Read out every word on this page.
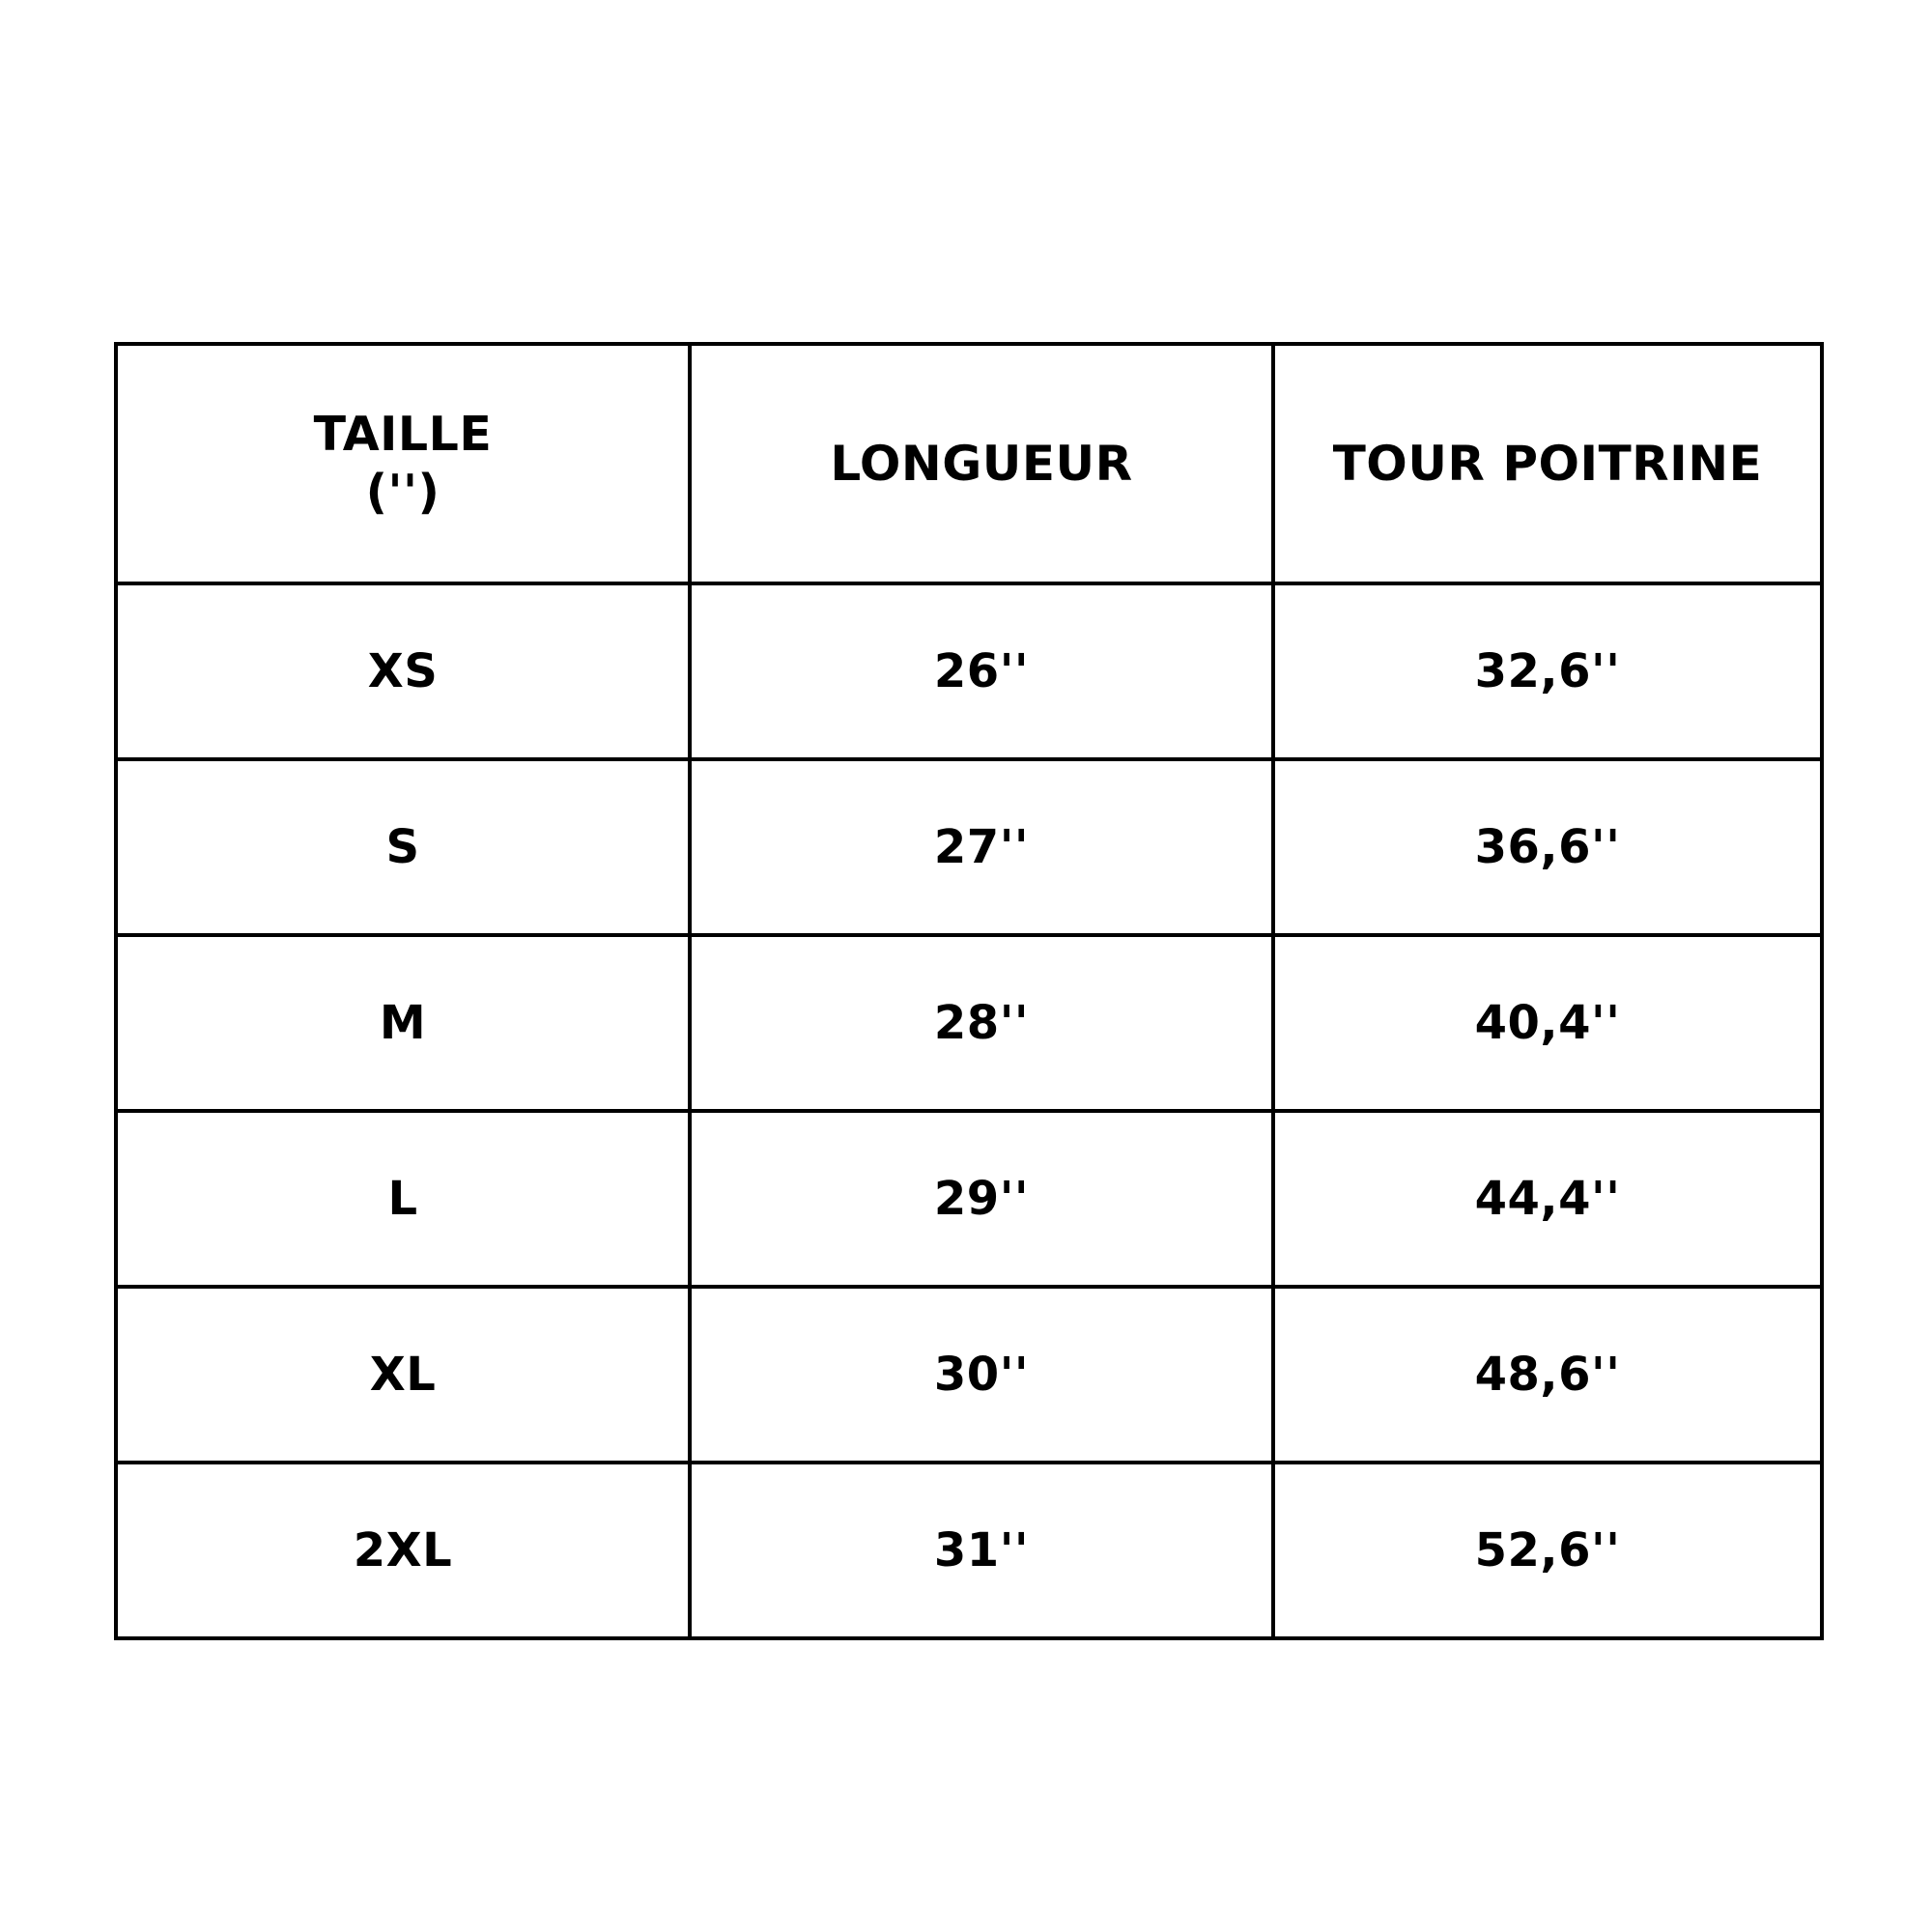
TAILLE
('')	LONGUEUR	TOUR POITRINE
XS	26''	32,6''
S	27''	36,6''
M	28''	40,4''
L	29''	44,4''
XL	30''	48,6''
2XL	31''	52,6''
